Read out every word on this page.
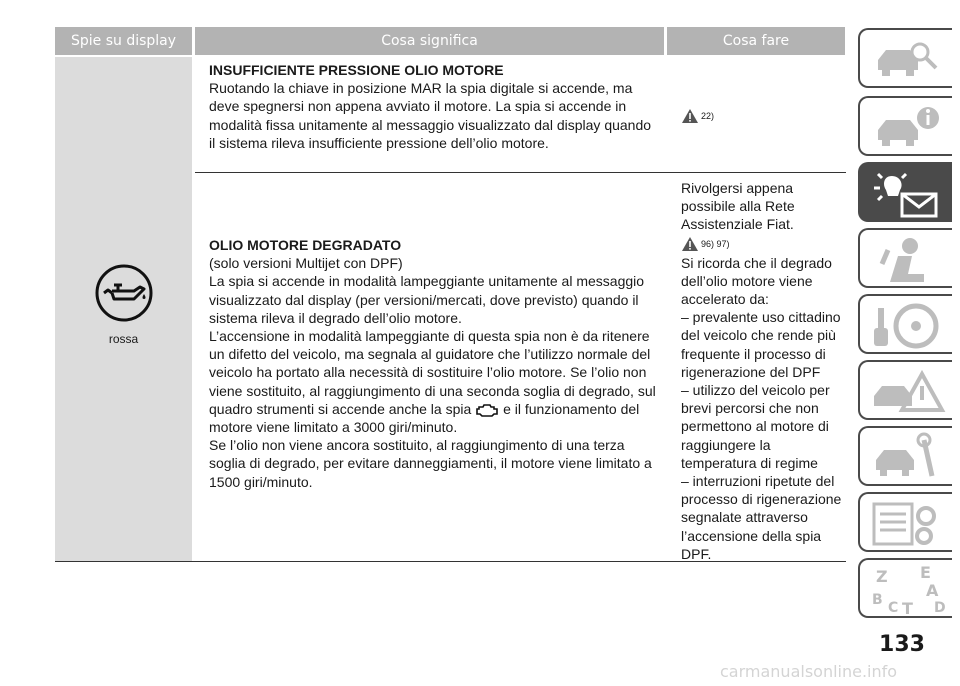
Spie su display	Cosa significa	Cosa fare
rossa

INSUFFICIENTE PRESSIONE OLIO MOTORE

Ruotando la chiave in posizione MAR la spia digitale si accende, ma deve spegnersi non appena avviato il motore. La spia si accende in modalità fissa unitamente al messaggio visualizzato dal display quando il sistema rileva insufficiente pressione dell’olio motore.

22)

OLIO MOTORE DEGRADATO

(solo versioni Multijet con DPF)

La spia si accende in modalità lampeggiante unitamente al messaggio visualizzato dal display (per versioni/mercati, dove previsto) quando il sistema rileva il degrado dell’olio motore.

L’accensione in modalità lampeggiante di questa spia non è da ritenere un difetto del veicolo, ma segnala al guidatore che l’utilizzo normale del veicolo ha portato alla necessità di sostituire l’olio motore. Se l’olio non viene sostituito, al raggiungimento di una seconda soglia di degrado, sul quadro strumenti si accende anche la spia e il funzionamento del motore viene limitato a 3000 giri/minuto.

Se l’olio non viene ancora sostituito, al raggiungimento di una terza soglia di degrado, per evitare danneggiamenti, il motore viene limitato a 1500 giri/minuto.

Rivolgersi appena possibile alla Rete Assistenziale Fiat.

96) 97)

Si ricorda che il degrado dell’olio motore viene accelerato da:

– prevalente uso cittadino del veicolo che rende più frequente il processo di rigenerazione del DPF

– utilizzo del veicolo per brevi percorsi che non permettono al motore di raggiungere la temperatura di regime

– interruzioni ripetute del processo di rigenerazione segnalate attraverso l’accensione della spia DPF.

Z E
A
B C T D
133
carmanualsonline.info
